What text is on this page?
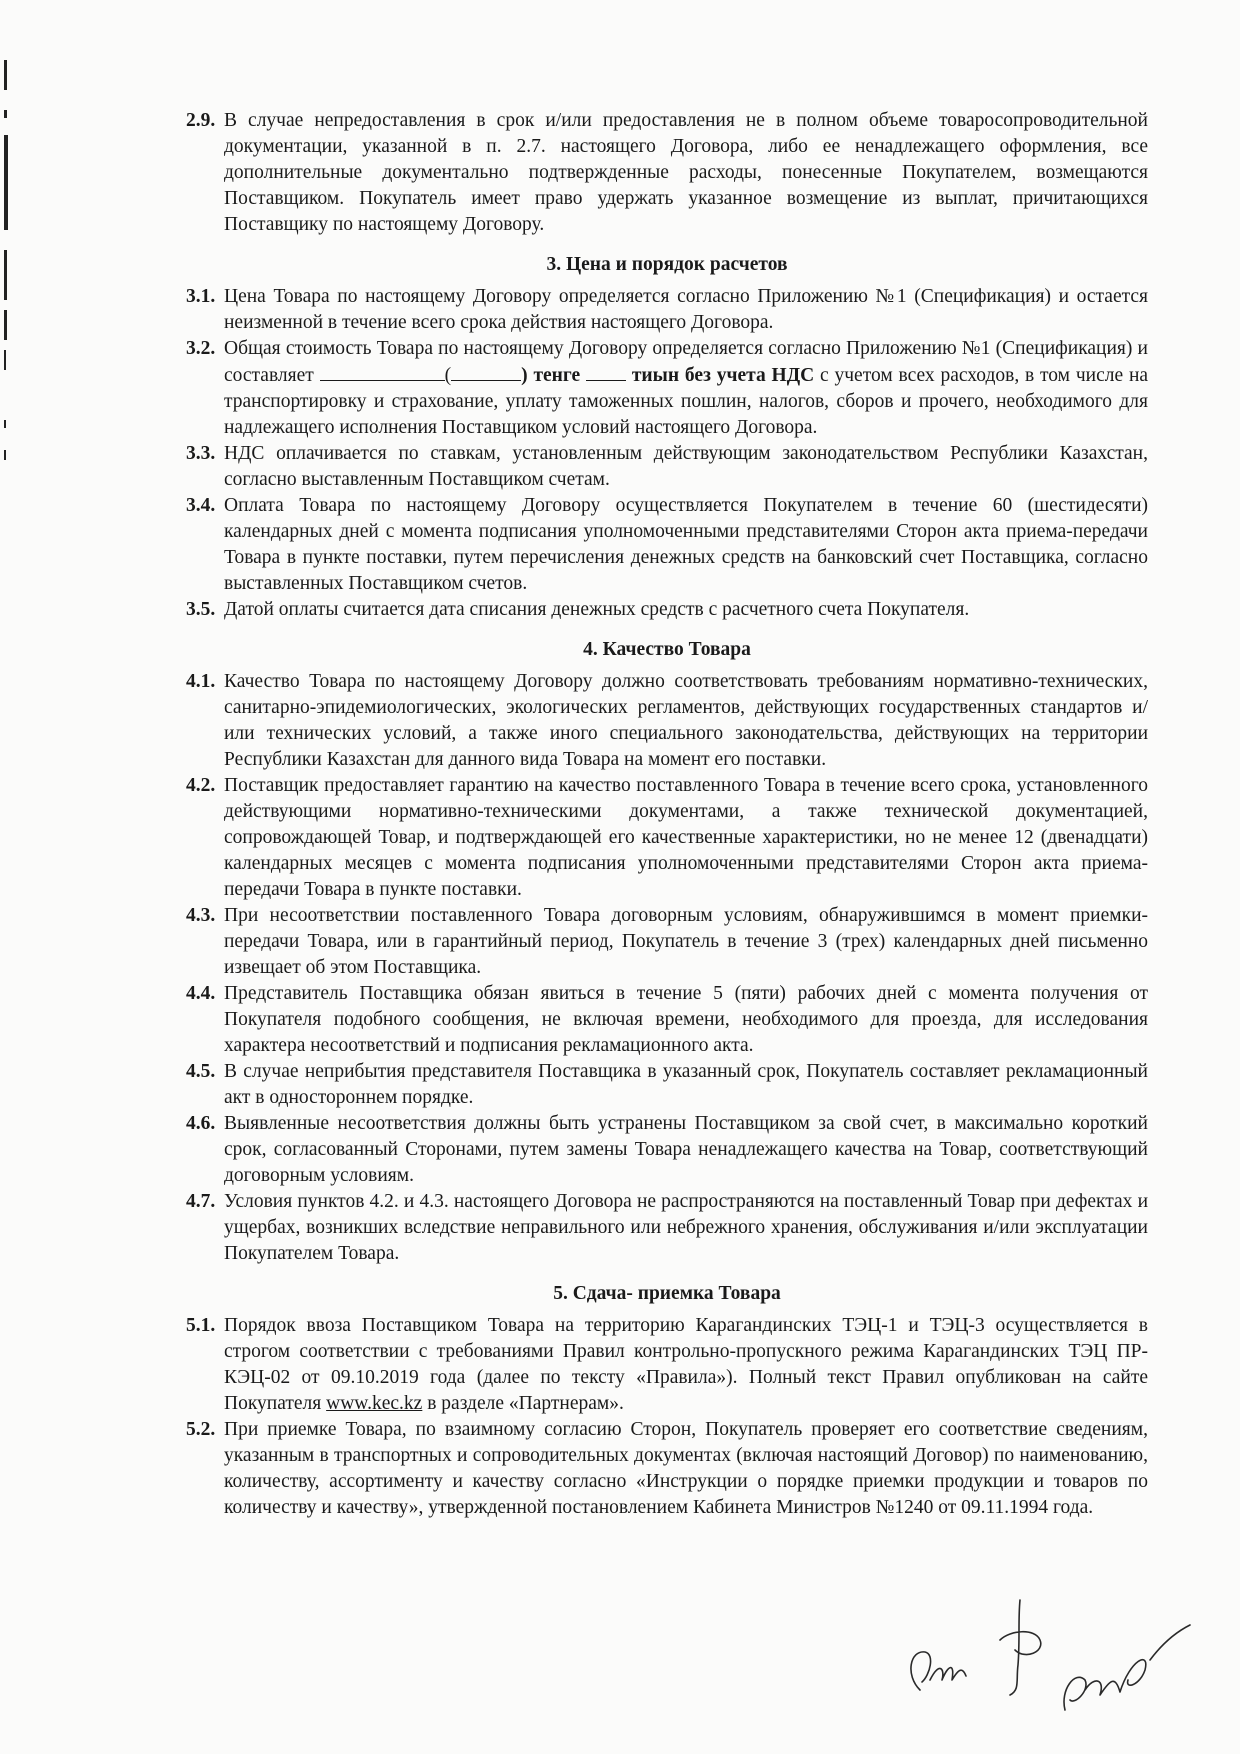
2.9. В случае непредоставления в срок и/или предоставления не в полном объеме товаросопроводительной документации, указанной в п. 2.7. настоящего Договора, либо ее ненадлежащего оформления, все дополнительные документально подтвержденные расходы, понесенные Покупателем, возмещаются Поставщиком. Покупатель имеет право удержать указанное возмещение из выплат, причитающихся Поставщику по настоящему Договору.
3. Цена и порядок расчетов
3.1. Цена Товара по настоящему Договору определяется согласно Приложению №1 (Спецификация) и остается неизменной в течение всего срока действия настоящего Договора.
3.2. Общая стоимость Товара по настоящему Договору определяется согласно Приложению №1 (Спецификация) и составляет	(	) тенге	тиын без учета НДС с учетом всех расходов, в том числе на транспортировку и страхование, уплату таможенных пошлин, налогов, сборов и прочего, необходимого для надлежащего исполнения Поставщиком условий настоящего Договора.
3.3. НДС оплачивается по ставкам, установленным действующим законодательством Республики Казахстан, согласно выставленным Поставщиком счетам.
3.4. Оплата Товара по настоящему Договору осуществляется Покупателем в течение 60 (шестидесяти) календарных дней с момента подписания уполномоченными представителями Сторон акта приема-передачи Товара в пункте поставки, путем перечисления денежных средств на банковский счет Поставщика, согласно выставленных Поставщиком счетов.
3.5. Датой оплаты считается дата списания денежных средств с расчетного счета Покупателя.
4. Качество Товара
4.1. Качество Товара по настоящему Договору должно соответствовать требованиям нормативно-технических, санитарно-эпидемиологических, экологических регламентов, действующих государственных стандартов и/или технических условий, а также иного специального законодательства, действующих на территории Республики Казахстан для данного вида Товара на момент его поставки.
4.2. Поставщик предоставляет гарантию на качество поставленного Товара в течение всего срока, установленного действующими нормативно-техническими документами, а также технической документацией, сопровождающей Товар, и подтверждающей его качественные характеристики, но не менее 12 (двенадцати) календарных месяцев с момента подписания уполномоченными представителями Сторон акта приема-передачи Товара в пункте поставки.
4.3. При несоответствии поставленного Товара договорным условиям, обнаружившимся в момент приемки-передачи Товара, или в гарантийный период, Покупатель в течение 3 (трех) календарных дней письменно извещает об этом Поставщика.
4.4. Представитель Поставщика обязан явиться в течение 5 (пяти) рабочих дней с момента получения от Покупателя подобного сообщения, не включая времени, необходимого для проезда, для исследования характера несоответствий и подписания рекламационного акта.
4.5. В случае неприбытия представителя Поставщика в указанный срок, Покупатель составляет рекламационный акт в одностороннем порядке.
4.6. Выявленные несоответствия должны быть устранены Поставщиком за свой счет, в максимально короткий срок, согласованный Сторонами, путем замены Товара ненадлежащего качества на Товар, соответствующий договорным условиям.
4.7. Условия пунктов 4.2. и 4.3. настоящего Договора не распространяются на поставленный Товар при дефектах и ущербах, возникших вследствие неправильного или небрежного хранения, обслуживания и/или эксплуатации Покупателем Товара.
5. Сдача- приемка Товара
5.1. Порядок ввоза Поставщиком Товара на территорию Карагандинских ТЭЦ-1 и ТЭЦ-3 осуществляется в строгом соответствии с требованиями Правил контрольно-пропускного режима Карагандинских ТЭЦ ПР-КЭЦ-02 от 09.10.2019 года (далее по тексту «Правила»). Полный текст Правил опубликован на сайте Покупателя www.kec.kz в разделе «Партнерам».
5.2. При приемке Товара, по взаимному согласию Сторон, Покупатель проверяет его соответствие сведениям, указанным в транспортных и сопроводительных документах (включая настоящий Договор) по наименованию, количеству, ассортименту и качеству согласно «Инструкции о порядке приемки продукции и товаров по количеству и качеству», утвержденной постановлением Кабинета Министров №1240 от 09.11.1994 года.
